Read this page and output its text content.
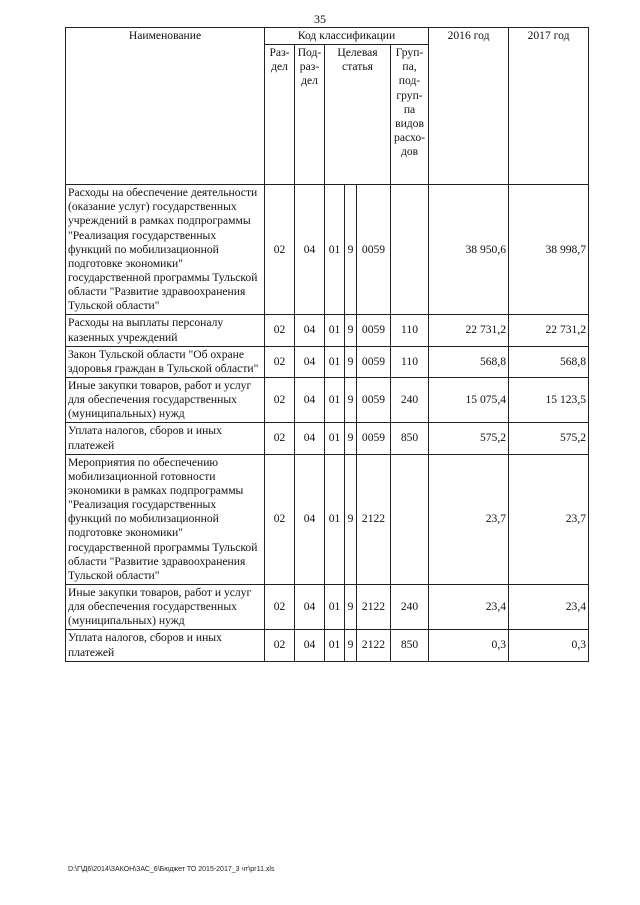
35
Наименование	Код классификации						2016 год	2017 год
	Раз-дел	Под-раз-дел	Целевая статья			Груп-па, под-груп-па видов расхо-дов		
Расходы на обеспечение деятельности (оказание услуг) государственных учреждений в рамках подпрограммы "Реализация государственных функций по мобилизационной подготовке экономики" государственной программы Тульской области "Развитие здравоохранения Тульской области"	02	04	01	9	0059		38 950,6	38 998,7
Расходы на выплаты персоналу казенных учреждений	02	04	01	9	0059	110	22 731,2	22 731,2
Закон Тульской области "Об охране здоровья граждан в Тульской области"	02	04	01	9	0059	110	568,8	568,8
Иные закупки товаров, работ и услуг для обеспечения государственных (муниципальных) нужд	02	04	01	9	0059	240	15 075,4	15 123,5
Уплата налогов, сборов и иных платежей	02	04	01	9	0059	850	575,2	575,2
Мероприятия по обеспечению мобилизационной готовности экономики в рамках подпрограммы "Реализация государственных функций по мобилизационной подготовке экономики" государственной программы Тульской области "Развитие здравоохранения Тульской области"	02	04	01	9	2122		23,7	23,7
Иные закупки товаров, работ и услуг для обеспечения государственных (муниципальных) нужд	02	04	01	9	2122	240	23,4	23,4
Уплата налогов, сборов и иных платежей	02	04	01	9	2122	850	0,3	0,3
D:\Г\Д6\2014\ЗАКОН\ЗАС_6\Бюджет ТО 2015-2017_3 чт\рг11.xls
